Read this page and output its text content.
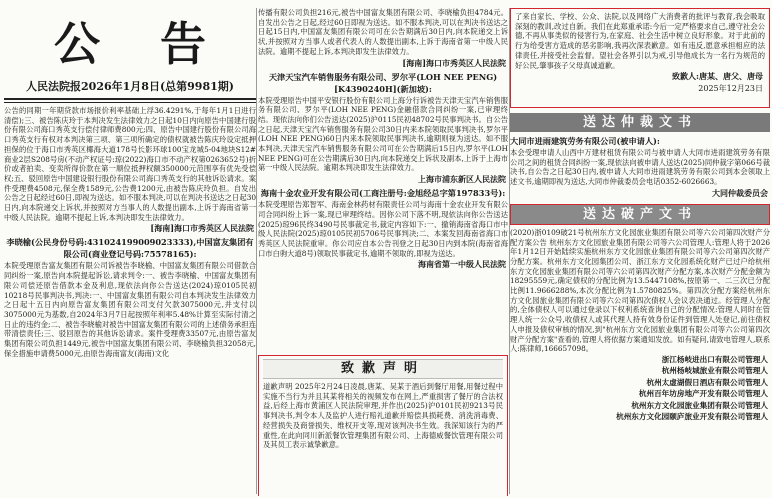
公 告
人民法院报2026年1月8日(总第9981期)

公告的同期一年期贷款市场报价利率基础上浮36.4291%,于每年1月1日进行清偿);三、被告陈庆玲于本判决发生法律效力之日起10日内向原告中国建行股份有限公司海口秀英支行偿付律师费800元;四、原告中国建行股份有限公司海口秀英支行有权对本判决第三项、第三项所确定的债权就被告陈庆玲设定抵押担保的位于海口市秀英区椰海大道178号长影环球100宝龙城5-04地块S12#商业2层S208号房(不动产权证号:琼(2022)海口市不动产权第0263652号)折价或者拍卖、变卖所得价款在第一顺位抵押权额350000元范围享有优先受偿权;五、驳回原告中国建设银行股份有限公司海口秀英支行的其他诉讼请求。案件受理费4508元,保全费1589元,公告费1200元,由被告陈庆玲负担。自发出公告之日起经过60日,即视为送达。如不服本判决,可以在判决书送达之日起30日内,向本院递交上诉状,并按照对方当事人的人数提出副本,上诉于海南省第一中级人民法院。逾期不提起上诉,本判决即发生法律效力。

[海南]海口市秀英区人民法院
李晓榆(公民身份号码:431024199009023333),中国富友集团有限公司(商业登记号码:75578165):

本院受理原告富友集团有限公司诉被告李晓榆、中国富友集团有限公司借款合同纠纷一案,原告向本院提起诉讼,请求判令:一、被告李晓榆、中国富友集团有限公司偿还原告借款本金及利息,现依法向你公告送达(2024)琼0105民初10218号民事判决书,判决:一、中国富友集团有限公司自本判决发生法律效力之日起十五日内向原告富友集团有限公司支付欠款3075000元,并支付以3075000元为基数,自2024年3月7日起按照年利率5.48%计算至实际付清之日止的违约金;二、被告李晓榆对被告中国富友集团有限公司的上述债务承担连带清偿责任;三、驳回原告的其他诉讼请求。案件受理费33507元,由原告富友集团有限公司负担1449元,被告中国富友集团有限公司、李晓榆负担32058元,保全措施申请费5000元,由原告海南富友(海南)文化

传播有限公司负担216元,被告中国富友集团有限公司、李晓榆负担4784元。自发出公告之日起,经过60日即视为送达。如不服本判决,可以在判决书送达之日起15日内,中国富友集团有限公司可在公告期满后30日内,向本院递交上诉状,并按照对方当事人或者代表人的人数提出副本,上诉于海南省第一中级人民法院。逾期不提起上诉,本判决即发生法律效力。

[海南]海口市秀英区人民法院
天津天宝汽车销售服务有限公司、罗尔平(LOH NEE PENG)[K4390240H](新加坡):

本院受理原告中国平安银行股份有限公司上海分行诉被告天津天宝汽车销售服务有限公司、罗尔平(LOH NEE PENG)金融借款合同纠纷一案,已审理终结。现依法向你们公告送达(2025)沪0115民初48702号民事判决书。自公告之日起,天津天宝汽车销售服务有限公司30日内来本院领取民事判决书,罗尔平(LOH NEE PENG)60日内来本院领取民事判决书,逾期则视为送达。如不服本判决,天津天宝汽车销售服务有限公司可在公告期满后15日内,罗尔平(LOH NEE PENG)可在公告期满后30日内,向本院递交上诉状及副本,上诉于上海市第一中级人民法院。逾期本判决即发生法律效力。

上海市浦东新区人民法院
海南十金农业开发有限公司(工商注册号:金旭经总字第197833号):

本院受理原告郑智军、海南金林药材有限责任公司与海南十金农业开发有限公司合同纠纷上诉一案,现已审理终结。因你公司下落不明,现依法向你公告送达(2025)琼96民终3490号民事裁定书,裁定内容如下:一、撤销海南省海口市中级人民法院(2025)琼0105民初5706号民事判决;二、本案发回海南省海口市秀英区人民法院重审。你公司应自本公告刊登之日起30日内到本院(海南省海口市白驹大道8号)领取民事裁定书,逾期不领取的,即视为送达。

海南省第一中级人民法院
致歉声明

道歉声明 2025年2月24日凌晨,唐某、吴某于酒后到餐厅用餐,用餐过程中实施不当行为并且其某将相关的视频发布在网上,严重损害了餐厅的合法权益,后经上海市黄浦区人民法院审理,并作出(2025)沪0101民初9213号民事判决书,判令本人及监护人进行赔礼道歉并赔偿具损耗费、消洗消毒费、经营损失及商誉损失、维权开支等,现对该判决书生效。我深知该行为的严重性,在此向同川新派餐饮管理集团有限公司、上海德威餐饮管理有限公司及其员工表示诚挚歉意。

了来自家长、学校、公众、法院,以及网络广大消费者的批评与教育,我会吸取深刻的教训,改过自新。我们在此郑重承诺:今后一定严格要求自己,遵守社会公德,不再从事类似的侵害行为,在家庭、社会生活中树立良好形象。对于此前的行为给受害方造成的恶劣影响,我再次深表歉意。如有违反,愿意承担相应的法律责任,并接受社会监督。望社会各界引以为戒,引导他成长为一名行为规范的好公民,肇事孩子父母真诚道歉。

致歉人:唐某、唐父、唐母
2025年12月23日
送达仲裁文书
大同市进雨建筑劳务有限公司(被申请人):

本会受理申请人山西中万建材租赁有限公司与被申请人大同市进雨建筑劳务有限公司之间的租赁合同纠纷一案,现依法向被申请人送达(2025)同仲裁字第066号裁决书,自公告之日起30日内,被申请人大同市进雨建筑劳务有限公司到本会领取上述文书,逾期即视为送达,大同市仲裁委员会电话0352-6026663。

大同仲裁委员会
送达破产文书

(2020)浙0109破21号杭州东方文化园旅业集团有限公司等六公司第四次财产分配方案公告 杭州东方文化园旅业集团有限公司等六公司管理人:管理人将于2026年1月12日开始陆续实施杭州东方文化园旅业集团有限公司等六公司第四次财产分配方案。杭州东方文化园集团公司、浙江东方文化园系统化财产已过户给杭州东方文化园旅业集团有限公司等六公司第四次财产分配方案,本次财产分配金额为18295559元,确定债权的分配比例为13.5447108%,按原第一、二三次已分配比例11.9666288%,本次分配比例为1.5780825%。第四次分配方案经杭州东方文化园旅业集团有限公司等六公司第四次债权人会议表决通过。经管理人分配的,全体债权人可以通过登录以下权利系统查询自己的分配情况:管理人同时在管理人统一公众号,收债权人或其代理人持有效身份证件到管理人处登记,前往债权人申报及债权审核的情况,到"杭州东方文化园旅业集团有限公司等六公司第四次财产分配方案"查看的,管理人将依据方案通知发放。如有疑问,请致电管理人,联系人:陈律师,166657098。

浙江杨岐进出口有限公司管理人
杭州杨岐城旅业有限公司管理人
杭州太虚湖假日酒店有限公司管理人
杭州百年坊房地产开发有限公司管理人
杭州东方文化园旅业集团有限公司管理人
杭州东方文化园颐庐旅业开发有限公司管理人
